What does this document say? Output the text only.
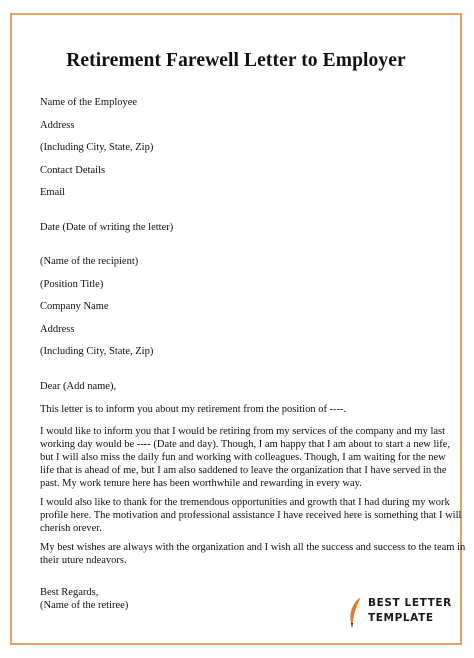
Retirement Farewell Letter to Employer
Name of the Employee
Address
(Including City, State, Zip)
Contact Details
Email
Date (Date of writing the letter)
(Name of the recipient)
(Position Title)
Company Name
Address
(Including City, State, Zip)
Dear (Add name),
This letter is to inform you about my retirement from the position of ----.
I would like to inform you that I would be retiring from my services of the company and my last
working day would be ---- (Date and day). Though, I am happy that I am about to start a new life,
but I will also miss the daily fun and working with colleagues. Though, I am waiting for the new
life that is ahead of me, but I am also saddened to leave the organization that I have served in the
past. My work tenure here has been worthwhile and rewarding in every way.
I would also like to thank for the tremendous opportunities and growth that I had during my work
profile here. The motivation and professional assistance I have received here is something that I will
cherish orever.
My best wishes are always with the organization and I wish all the success and success to the team in
their uture ndeavors.
Best Regards,
(Name of the retiree)	BEST LETTER
TEMPLATE
